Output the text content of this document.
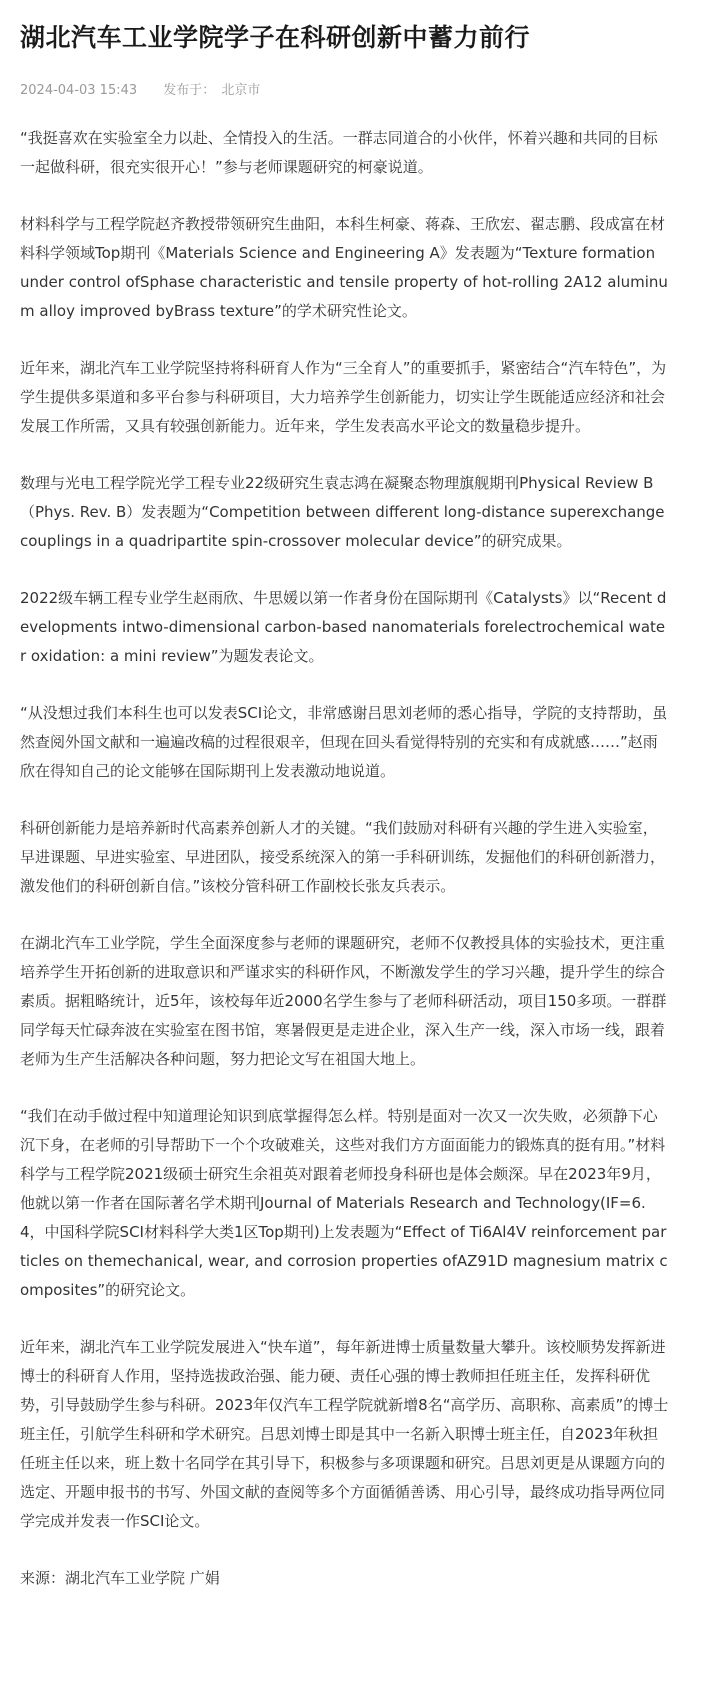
湖北汽车工业学院学子在科研创新中蓄力前行
2024-04-03 15:43 发布于： 北京市

“我挺喜欢在实验室全力以赴、全情投入的生活。一群志同道合的小伙伴，怀着兴趣和共同的目标一起做科研，很充实很开心！”参与老师课题研究的柯豪说道。

材料科学与工程学院赵齐教授带领研究生曲阳，本科生柯豪、蒋森、王欣宏、翟志鹏、段成富在材料科学领域Top期刊《Materials Science and Engineering A》发表题为“Texture formation under control ofSphase characteristic and tensile property of hot-rolling 2A12 aluminum alloy improved byBrass texture”的学术研究性论文。

近年来，湖北汽车工业学院坚持将科研育人作为“三全育人”的重要抓手，紧密结合“汽车特色”，为学生提供多渠道和多平台参与科研项目，大力培养学生创新能力，切实让学生既能适应经济和社会发展工作所需，又具有较强创新能力。近年来，学生发表高水平论文的数量稳步提升。

数理与光电工程学院光学工程专业22级研究生袁志鸿在凝聚态物理旗舰期刊Physical Review B（Phys. Rev. B）发表题为“Competition between different long-distance superexchange couplings in a quadripartite spin-crossover molecular device”的研究成果。

2022级车辆工程专业学生赵雨欣、牛思媛以第一作者身份在国际期刊《Catalysts》以“Recent developments intwo-dimensional carbon-based nanomaterials forelectrochemical water oxidation: a mini review”为题发表论文。

“从没想过我们本科生也可以发表SCI论文，非常感谢吕思刘老师的悉心指导，学院的支持帮助，虽然查阅外国文献和一遍遍改稿的过程很艰辛，但现在回头看觉得特别的充实和有成就感……”赵雨欣在得知自己的论文能够在国际期刊上发表激动地说道。

科研创新能力是培养新时代高素养创新人才的关键。“我们鼓励对科研有兴趣的学生进入实验室，早进课题、早进实验室、早进团队，接受系统深入的第一手科研训练，发掘他们的科研创新潜力，激发他们的科研创新自信。”该校分管科研工作副校长张友兵表示。

在湖北汽车工业学院，学生全面深度参与老师的课题研究，老师不仅教授具体的实验技术，更注重培养学生开拓创新的进取意识和严谨求实的科研作风，不断激发学生的学习兴趣，提升学生的综合素质。据粗略统计，近5年，该校每年近2000名学生参与了老师科研活动，项目150多项。一群群同学每天忙碌奔波在实验室在图书馆，寒暑假更是走进企业，深入生产一线，深入市场一线，跟着老师为生产生活解决各种问题，努力把论文写在祖国大地上。

“我们在动手做过程中知道理论知识到底掌握得怎么样。特别是面对一次又一次失败，必须静下心沉下身，在老师的引导帮助下一个个攻破难关，这些对我们方方面面能力的锻炼真的挺有用。”材料科学与工程学院2021级硕士研究生余祖英对跟着老师投身科研也是体会颇深。早在2023年9月，他就以第一作者在国际著名学术期刊Journal of Materials Research and Technology(IF=6.4，中国科学院SCI材料科学大类1区Top期刊)上发表题为“Effect of Ti6Al4V reinforcement particles on themechanical, wear, and corrosion properties ofAZ91D magnesium matrix composites”的研究论文。

近年来，湖北汽车工业学院发展进入“快车道”，每年新进博士质量数量大攀升。该校顺势发挥新进博士的科研育人作用，坚持选拔政治强、能力硬、责任心强的博士教师担任班主任，发挥科研优势，引导鼓励学生参与科研。2023年仅汽车工程学院就新增8名“高学历、高职称、高素质”的博士班主任，引航学生科研和学术研究。吕思刘博士即是其中一名新入职博士班主任，自2023年秋担任班主任以来，班上数十名同学在其引导下，积极参与多项课题和研究。吕思刘更是从课题方向的选定、开题申报书的书写、外国文献的查阅等多个方面循循善诱、用心引导，最终成功指导两位同学完成并发表一作SCI论文。

来源：湖北汽车工业学院 广娟
